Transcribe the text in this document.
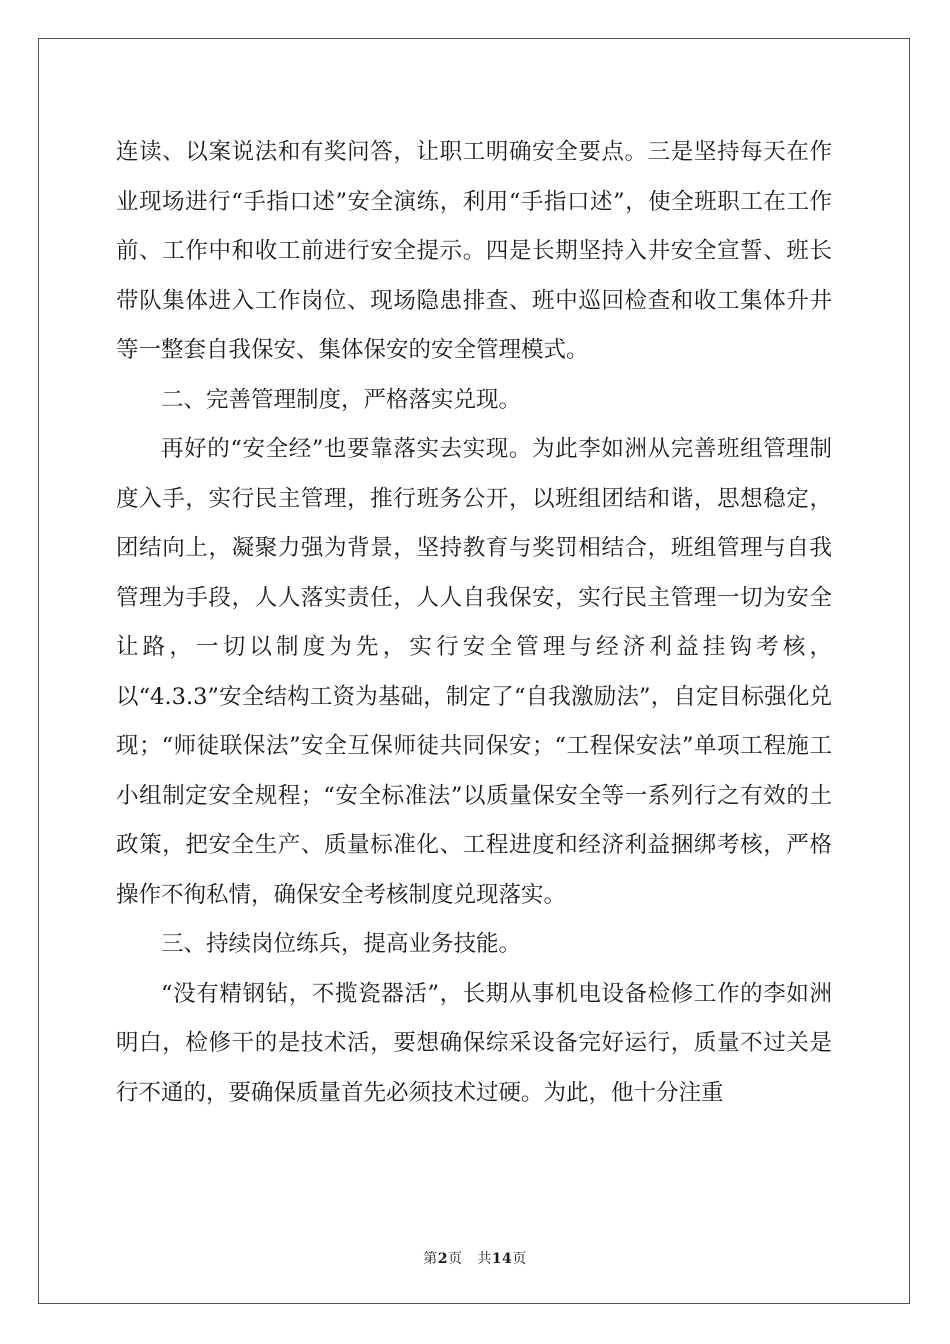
连读、以案说法和有奖问答，让职工明确安全要点。三是坚持每天在作业现场进行“手指口述”安全演练，利用“手指口述”，使全班职工在工作前、工作中和收工前进行安全提示。四是长期坚持入井安全宣誓、班长带队集体进入工作岗位、现场隐患排查、班中巡回检查和收工集体升井等一整套自我保安、集体保安的安全管理模式。

二、完善管理制度，严格落实兑现。

再好的“安全经”也要靠落实去实现。为此李如洲从完善班组管理制度入手，实行民主管理，推行班务公开，以班组团结和谐，思想稳定，团结向上，凝聚力强为背景，坚持教育与奖罚相结合，班组管理与自我管理为手段，人人落实责任，人人自我保安，实行民主管理一切为安全让路，一切以制度为先，实行安全管理与经济利益挂钩考核，以“4.3.3”安全结构工资为基础，制定了“自我激励法”，自定目标强化兑现；“师徒联保法”安全互保师徒共同保安；“工程保安法”单项工程施工小组制定安全规程；“安全标准法”以质量保安全等一系列行之有效的土政策，把安全生产、质量标准化、工程进度和经济利益捆绑考核，严格操作不徇私情，确保安全考核制度兑现落实。

三、持续岗位练兵，提高业务技能。

“没有精钢钻，不揽瓷器活”，长期从事机电设备检修工作的李如洲明白，检修干的是技术活，要想确保综采设备完好运行，质量不过关是行不通的，要确保质量首先必须技术过硬。为此，他十分注重

第2页 共14页
